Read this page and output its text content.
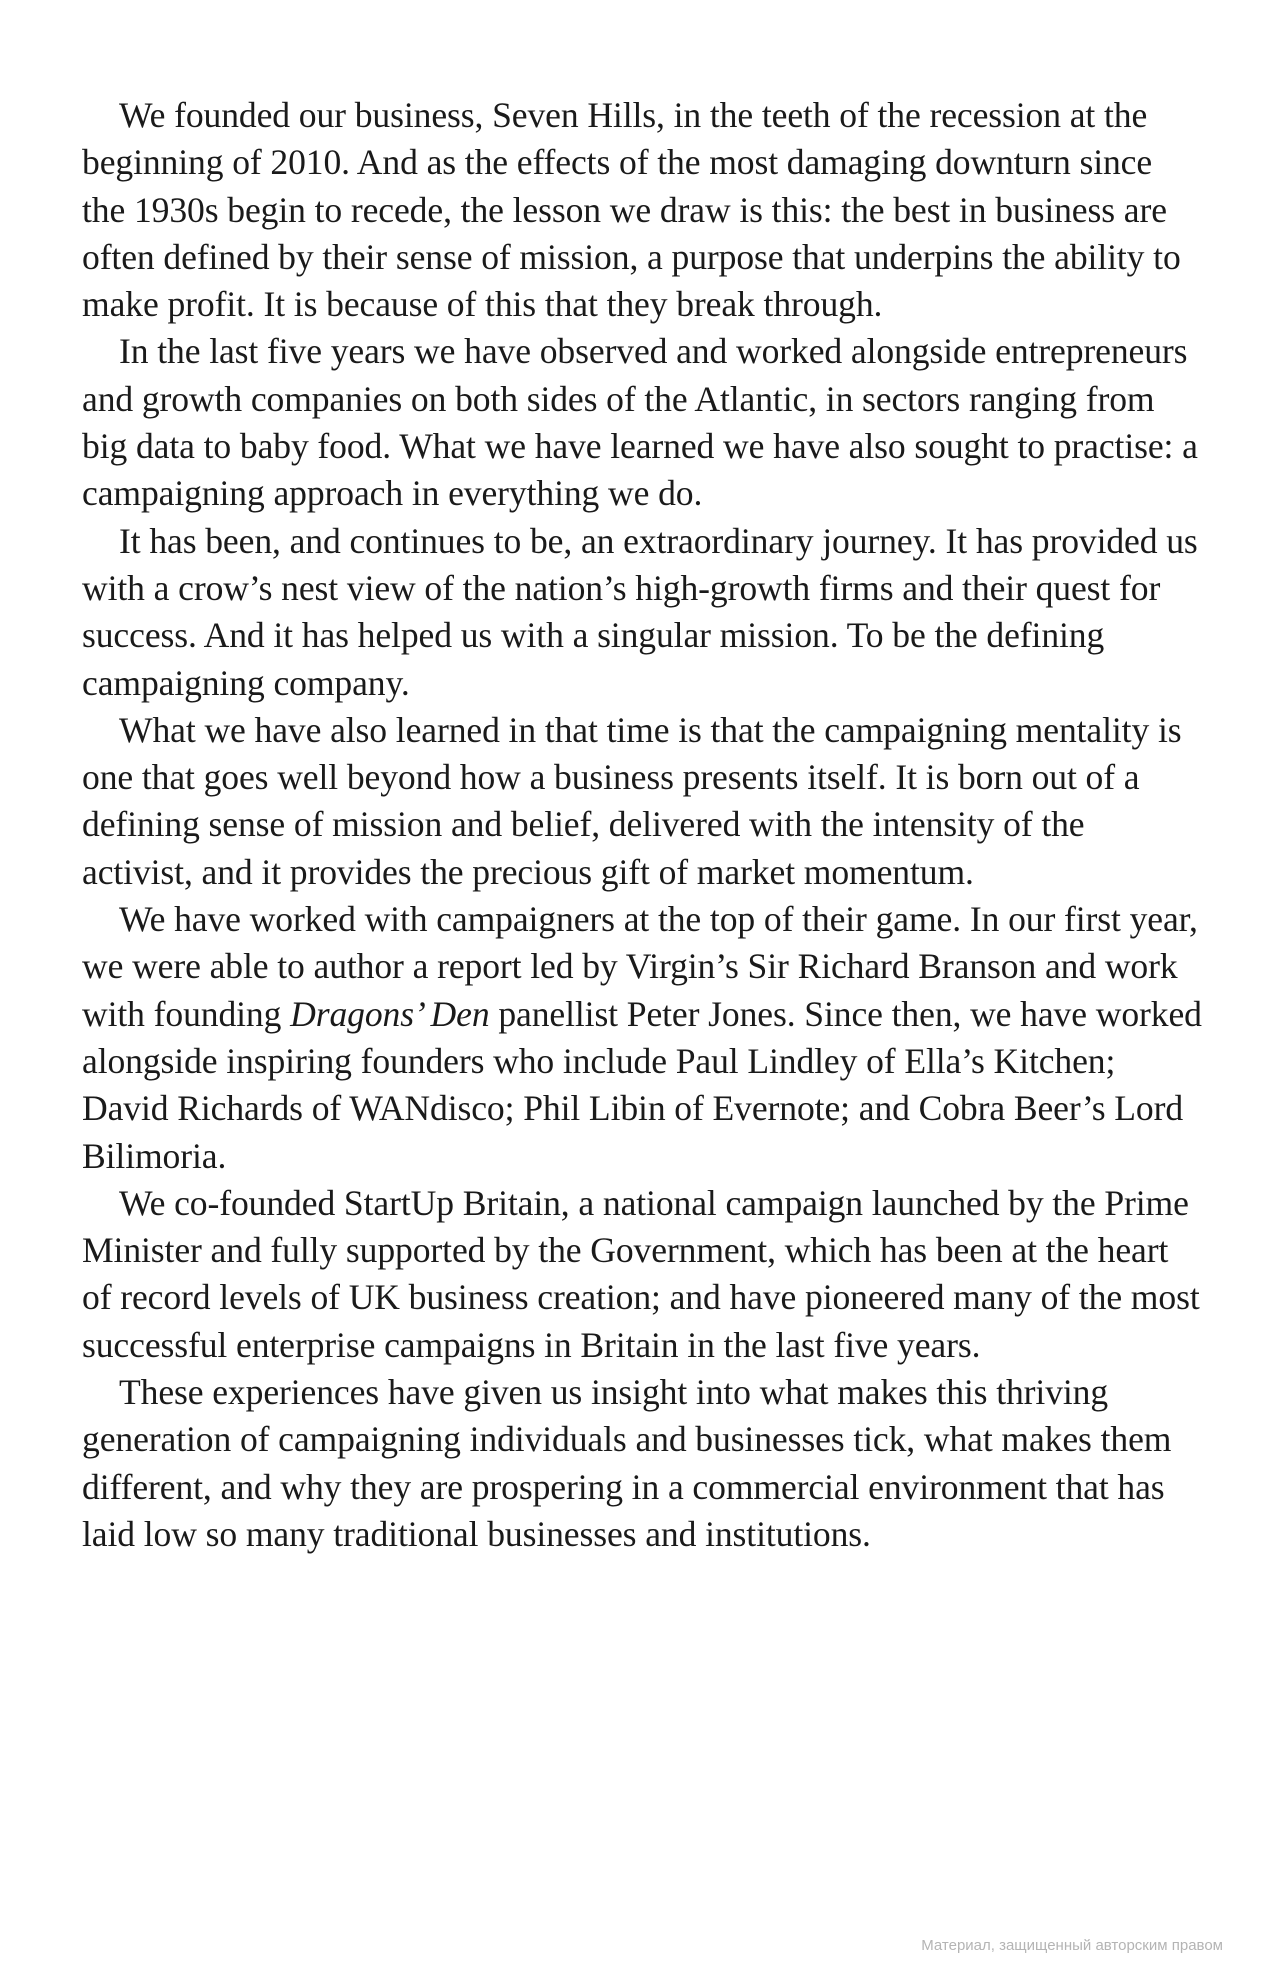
We founded our business, Seven Hills, in the teeth of the recession at the beginning of 2010. And as the effects of the most damaging downturn since the 1930s begin to recede, the lesson we draw is this: the best in business are often defined by their sense of mission, a purpose that underpins the ability to make profit. It is because of this that they break through.

In the last five years we have observed and worked alongside entrepreneurs and growth companies on both sides of the Atlantic, in sectors ranging from big data to baby food. What we have learned we have also sought to practise: a campaigning approach in everything we do.

It has been, and continues to be, an extraordinary journey. It has provided us with a crow’s nest view of the nation’s high-growth firms and their quest for success. And it has helped us with a singular mission. To be the defining campaigning company.

What we have also learned in that time is that the campaigning mentality is one that goes well beyond how a business presents itself. It is born out of a defining sense of mission and belief, delivered with the intensity of the activist, and it provides the precious gift of market momentum.

We have worked with campaigners at the top of their game. In our first year, we were able to author a report led by Virgin’s Sir Richard Branson and work with founding Dragons’ Den panellist Peter Jones. Since then, we have worked alongside inspiring founders who include Paul Lindley of Ella’s Kitchen; David Richards of WANdisco; Phil Libin of Evernote; and Cobra Beer’s Lord Bilimoria.

We co-founded StartUp Britain, a national campaign launched by the Prime Minister and fully supported by the Government, which has been at the heart of record levels of UK business creation; and have pioneered many of the most successful enterprise campaigns in Britain in the last five years.

These experiences have given us insight into what makes this thriving generation of campaigning individuals and businesses tick, what makes them different, and why they are prospering in a commercial environment that has laid low so many traditional businesses and institutions.

Материал, защищенный авторским правом
